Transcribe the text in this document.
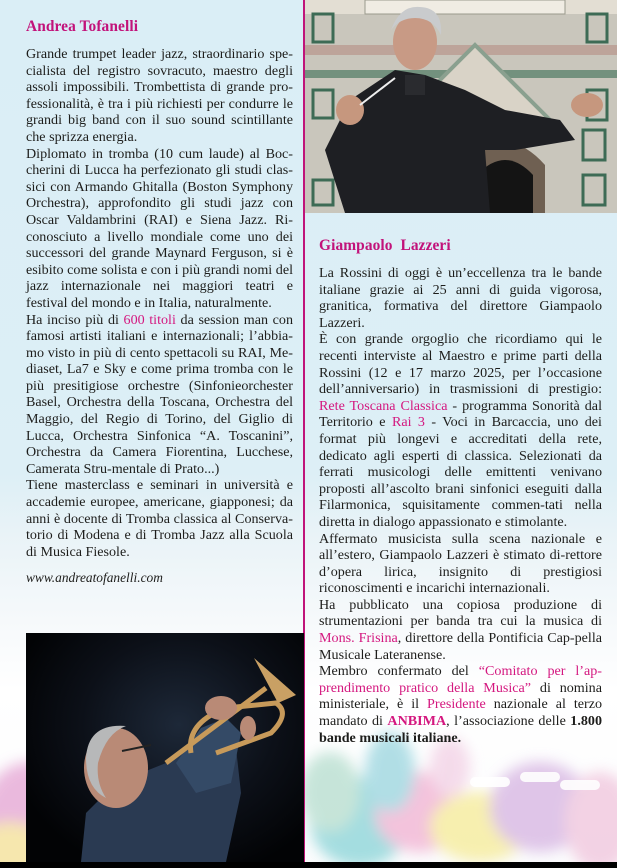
Andrea Tofanelli

Grande trumpet leader jazz, straordinario spe-cialista del registro sovracuto, maestro degli assoli impossibili. Trombettista di grande pro-fessionalità, è tra i più richiesti per condurre le grandi big band con il suo sound scintillante che sprizza energia.

Diplomato in tromba (10 cum laude) al Boc-cherini di Lucca ha perfezionato gli studi clas-sici con Armando Ghitalla (Boston Symphony Orchestra), approfondito gli studi jazz con Oscar Valdambrini (RAI) e Siena Jazz. Ri-conosciuto a livello mondiale come uno dei successori del grande Maynard Ferguson, si è esibito come solista e con i più grandi nomi del jazz internazionale nei maggiori teatri e festival del mondo e in Italia, naturalmente.

Ha inciso più di 600 titoli da session man con famosi artisti italiani e internazionali; l’abbia-mo visto in più di cento spettacoli su RAI, Me-diaset, La7 e Sky e come prima tromba con le più presitigiose orchestre (Sinfonieorchester Basel, Orchestra della Toscana, Orchestra del Maggio, del Regio di Torino, del Giglio di Lucca, Orchestra Sinfonica “A. Toscanini”, Orchestra da Camera Fiorentina, Lucchese, Camerata Stru-mentale di Prato...)

Tiene masterclass e seminari in università e accademie europee, americane, giapponesi; da anni è docente di Tromba classica al Conserva-torio di Modena e di Tromba Jazz alla Scuola di Musica Fiesole.

www.andreatofanelli.com
Giampaolo  Lazzeri

La Rossini di oggi è un’eccellenza tra le bande italiane grazie ai 25 anni di guida vigorosa, granitica, formativa del direttore Giampaolo Lazzeri.

È con grande orgoglio che ricordiamo qui le recenti interviste al Maestro e prime parti della Rossini (12 e 17 marzo 2025, per l’occasione dell’anniversario) in trasmissioni di prestigio: Rete Toscana Classica - programma Sonorità dal Territorio e Rai 3 - Voci in Barcaccia, uno dei format più longevi e accreditati della rete, dedicato agli esperti di classica. Selezionati da ferrati musicologi delle emittenti venivano proposti all’ascolto brani sinfonici eseguiti dalla Filarmonica, squisitamente commen-tati nella diretta in dialogo appassionato e stimolante.

Affermato musicista sulla scena nazionale e all’estero, Giampaolo Lazzeri è stimato di-rettore d’opera lirica, insignito di prestigiosi riconoscimenti e incarichi internazionali.

Ha pubblicato una copiosa produzione di strumentazioni per banda tra cui la musica di Mons. Frisina, direttore della Pontificia Cap-pella Musicale Lateranense.

Membro confermato del “Comitato per l’ap-prendimento pratico della Musica” di nomina ministeriale, è il Presidente nazionale al terzo mandato di ANBIMA, l’associazione delle 1.800 bande musicali italiane.
